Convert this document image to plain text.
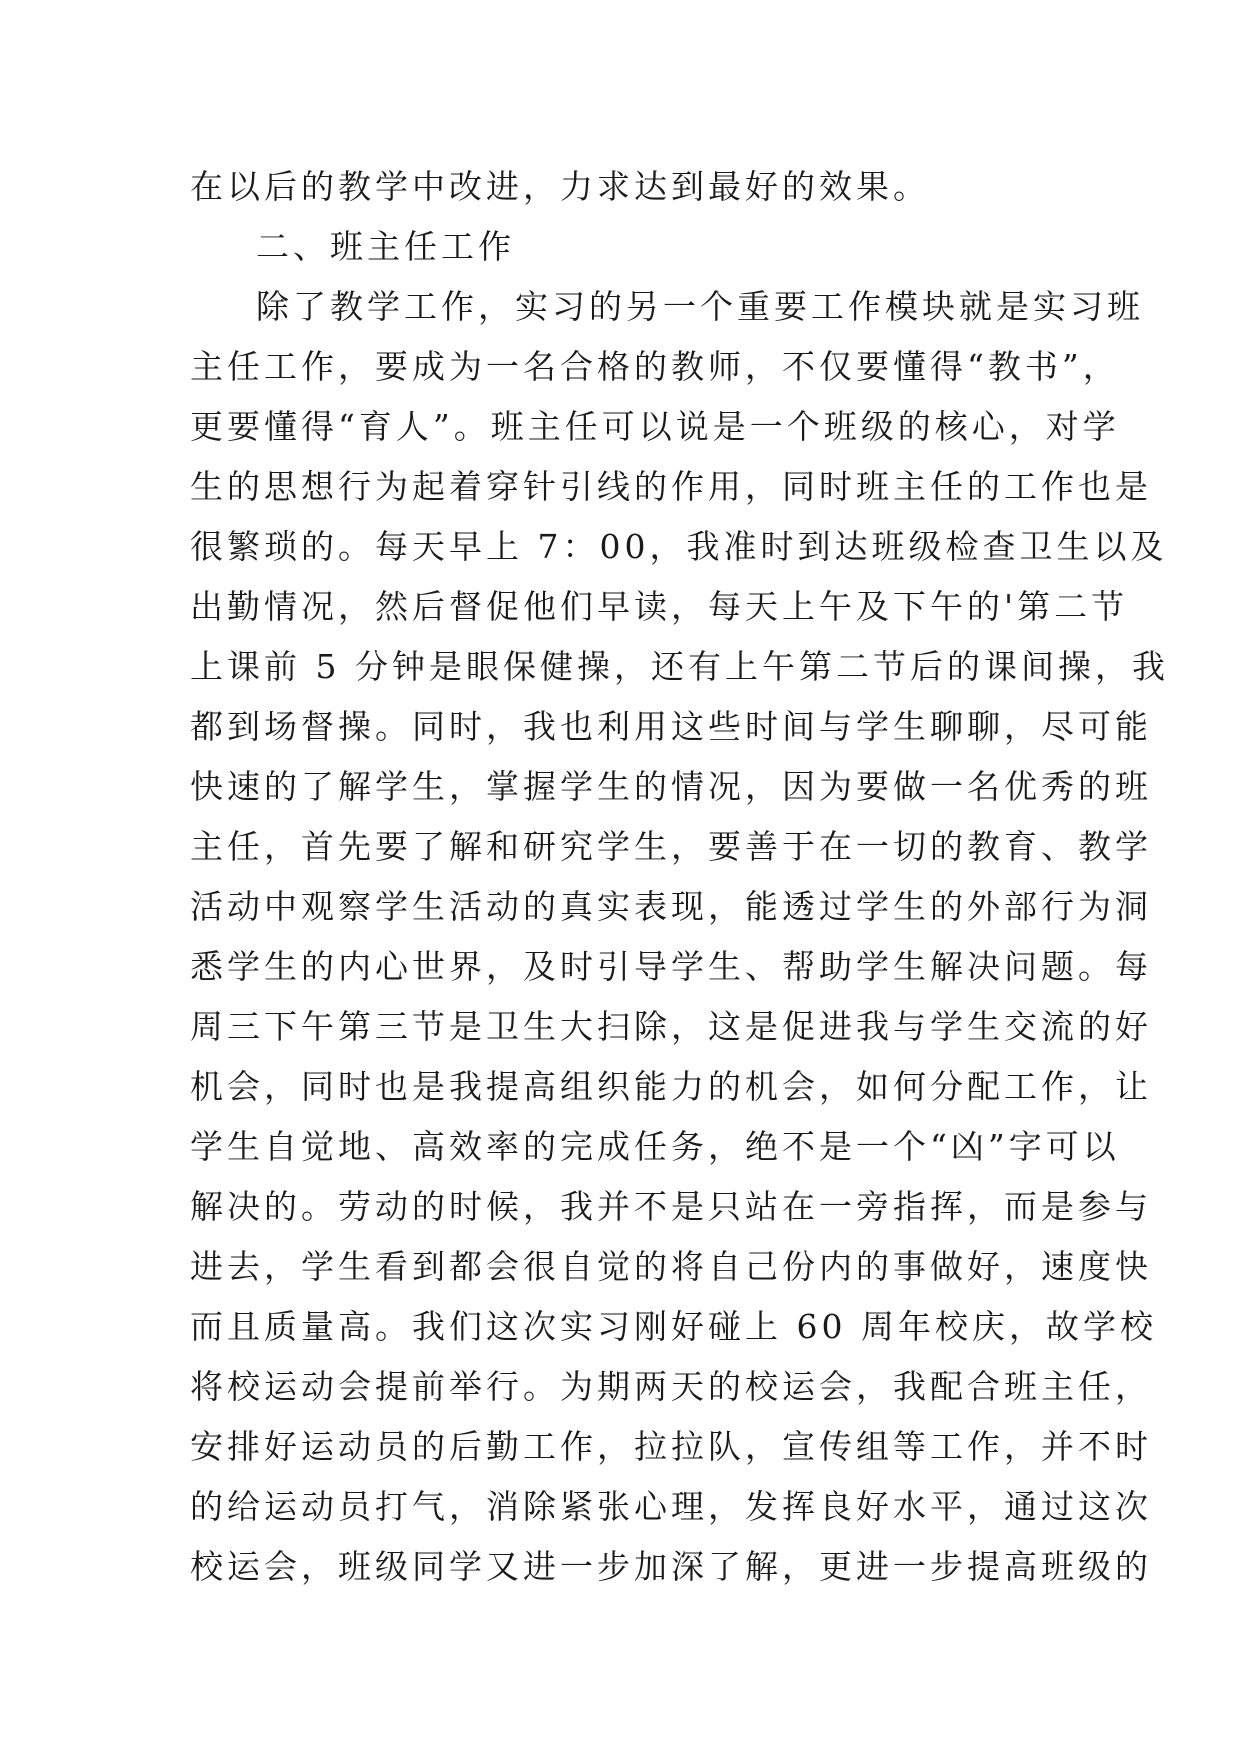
在以后的教学中改进，力求达到最好的效果。
二、班主任工作
除了教学工作，实习的另一个重要工作模块就是实习班
主任工作，要成为一名合格的教师，不仅要懂得“教书”，
更要懂得“育人”。班主任可以说是一个班级的核心，对学
生的思想行为起着穿针引线的作用，同时班主任的工作也是
很繁琐的。每天早上 7：00，我准时到达班级检查卫生以及
出勤情况，然后督促他们早读，每天上午及下午的'第二节
上课前 5 分钟是眼保健操，还有上午第二节后的课间操，我
都到场督操。同时，我也利用这些时间与学生聊聊，尽可能
快速的了解学生，掌握学生的情况，因为要做一名优秀的班
主任，首先要了解和研究学生，要善于在一切的教育、教学
活动中观察学生活动的真实表现，能透过学生的外部行为洞
悉学生的内心世界，及时引导学生、帮助学生解决问题。每
周三下午第三节是卫生大扫除，这是促进我与学生交流的好
机会，同时也是我提高组织能力的机会，如何分配工作，让
学生自觉地、高效率的完成任务，绝不是一个“凶”字可以
解决的。劳动的时候，我并不是只站在一旁指挥，而是参与
进去，学生看到都会很自觉的将自己份内的事做好，速度快
而且质量高。我们这次实习刚好碰上 60 周年校庆，故学校
将校运动会提前举行。为期两天的校运会，我配合班主任，
安排好运动员的后勤工作，拉拉队，宣传组等工作，并不时
的给运动员打气，消除紧张心理，发挥良好水平，通过这次
校运会，班级同学又进一步加深了解，更进一步提高班级的
